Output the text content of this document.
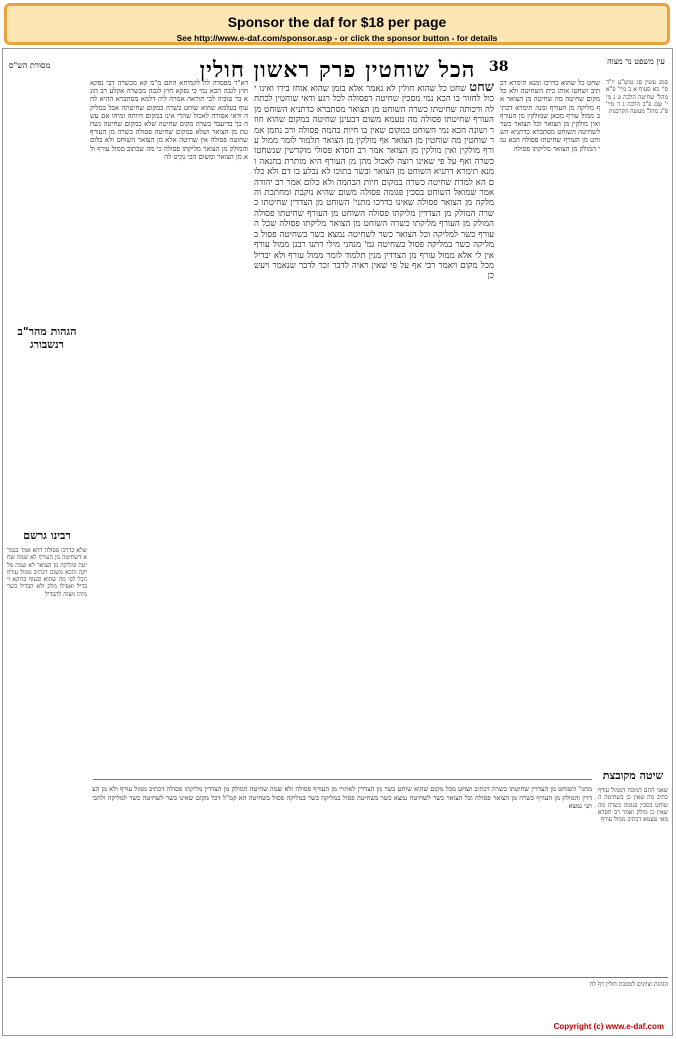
Sponsor the daf for $18 per page
See http://www.e-daf.com/sponsor.asp - or click the sponsor button - for details
מסורת הש"ס	38
הכל שוחטין פרק ראשון חולין	עין משפט נר מצוה
סמג עשין סג טוש"ע יו"ד סי' כא סעיף א ב מיי' פ"א מהל' שחיטה הלכה ט ג מיי' שם פ"ב הלכה ג ד מיי' פ"ג מהל' מעשה הקרבנות
שחט כל שהוא כדרכו ומנא תימרא דכתיב ושחטו אותו בית השחיטה ולא כל מקום שחיטה מה שחיטה מן הצואר אף מליקה מן העורף ומנה תימרא דכתיב ממול עורף מכאן שמולקין מן העורף ואין מולקין מן הצואר וכל הצואר כשר לשחיטה השוחט מסתברא כדתניא השוחט מן העורף שחיטתו פסולה הכא נמי המולק מן הצואר מליקתו פסולה
שחט שחט כל שהוא חולין לא נאמר אלא בזמן שהוא אוחז בידו ואינו יכול לחזור בו הכא נמי מסכין שחיטה דפסולה לכל רגע ודאי שוחטין לכתחלה ודכותה שחיטתו כשרה השוחט מן הצואר מסתברא כדתניא השוחט מן העורף שחיטתו פסולה מה טעמא משום דבעינן שחיטה במקום שהוא חוזר ושונה הכא נמי השוחט במקום שאין בו חיות בהמה פסולה ורב נחמן אמר שוחטין מה שוחטין מן הצואר אף מולקין מן הצואר תלמוד לומר ממול עורף מולקין ואין מולקין מן הצואר אמר רב חסדא פסולי מוקדשין שנשחטו כשרה ואף על פי שאינו רוצה לאכול מהן מן העורף היא מותרת בהנאה ומנא תימרא דתניא השוחט מן הצואר ובשר בתוכו לא נבלע בו דם ולא כלום הא למדת שחיטה כשרה במקום חיות הבהמה ולא כלום אמר רב יהודה אמר שמואל השוחט בסכין פגומה פסולה משום שהיא נוקבת ומחתכת והמלקה מן הצואר פסולה שאינו כדרכו מתני' השוחט מן הצדדין שחיטתו כשרה המולק מן הצדדין מליקתו פסולה השוחט מן העורף שחיטתו פסולה המולק מן העורף מליקתו כשרה השוחט מן הצואר מליקתו פסולה שכל העורף כשר למליקה וכל הצואר כשר לשחיטה נמצא כשר בשחיטה פסול במליקה כשר במליקה פסול בשחיטה גמ' מנהני מילי דתנו רבנן ממול עורף אין לי אלא ממול עורף מן הצדדין מנין תלמוד לומר ממול עורף ולא יבדיל מכל מקום ויאמר רבי אף על פי שאין ראיה לדבר זכר לדבר שנאמר ויעש כן
דא"ר מפסדה לה לקמיחא התם מ"מ קא מכשרה דבי נפקא חוץ לגבה הכא נמי כי נפקא חוץ לגבה מכשרה אקלע רב הונא בר טוביה לבי תוראה אמרה ליה דלמא מסתברא ההיא לה עוף בעלמא שהוא שוחט כשרה במקום שחיטתה אבל במליקה ודאי אסורה לאכול שהרי אינו במקום חיותה ומיהו אם עשה כך בדיעבד כשרה מקום שחיטה שלא כמקום שחיטה נשחטת מן הצואר ושלא במקום שחיטה פסולה כשרה מן העורף שחוטה פסולה אין שחיטה אלא מן הצואר השוחט ולא כלום והמולק מן הצואר מליקתו פסולה כי מה שכתוב ממול עורף ולא מן הצואר ומשום הכי נקיט לה
הגהות מהר"ב רנשבורג
רבינו גרשם
שלא כדרכו פסולה דהא אמר בגמרא דשחיטה מן העורף לא שמה שחיטה ומליקה מן הצואר לא שמה מליקה והכא משום דכתיב ממול עורף הכל לפי מה שהוא ובעוף בדוקא ויבדיל ואפילו מלק ולא הבדיל כשר מיהו מצוה להבדיל
שיטה מקובצת
שאני התם דמוכח דממול עורף כתיב מה שאין כן בשחיטה השוחט בסכין פגומה כשרה מה שאין כן מולק ואמר רב חסדא מאי טעמא דכתיב ממול עורף
מתני' השוחט מן הצדדין שחיטתו כשרה דכתיב ושחט מכל מקום שהוא שוחט כשר מן הצדדין לאתויי מן העורף פסולה ולא שמה שחיטה המולק מן הצדדין מליקתו פסולה דכתיב ממול עורף ולא מן הצדדין והמולק מן העורף כשרה מן הצואר פסולה וכל הצואר כשר לשחיטה נמצא כשר בשחיטה פסול במליקה כשר במליקה פסול בשחיטה הא קמ"ל דכל מקום שאינו כשר לשחיטה כשר למליקה ולהכי תני נמצא
הגהות וציונים למסכת חולין דף לח
Copyright (c) www.e-daf.com
